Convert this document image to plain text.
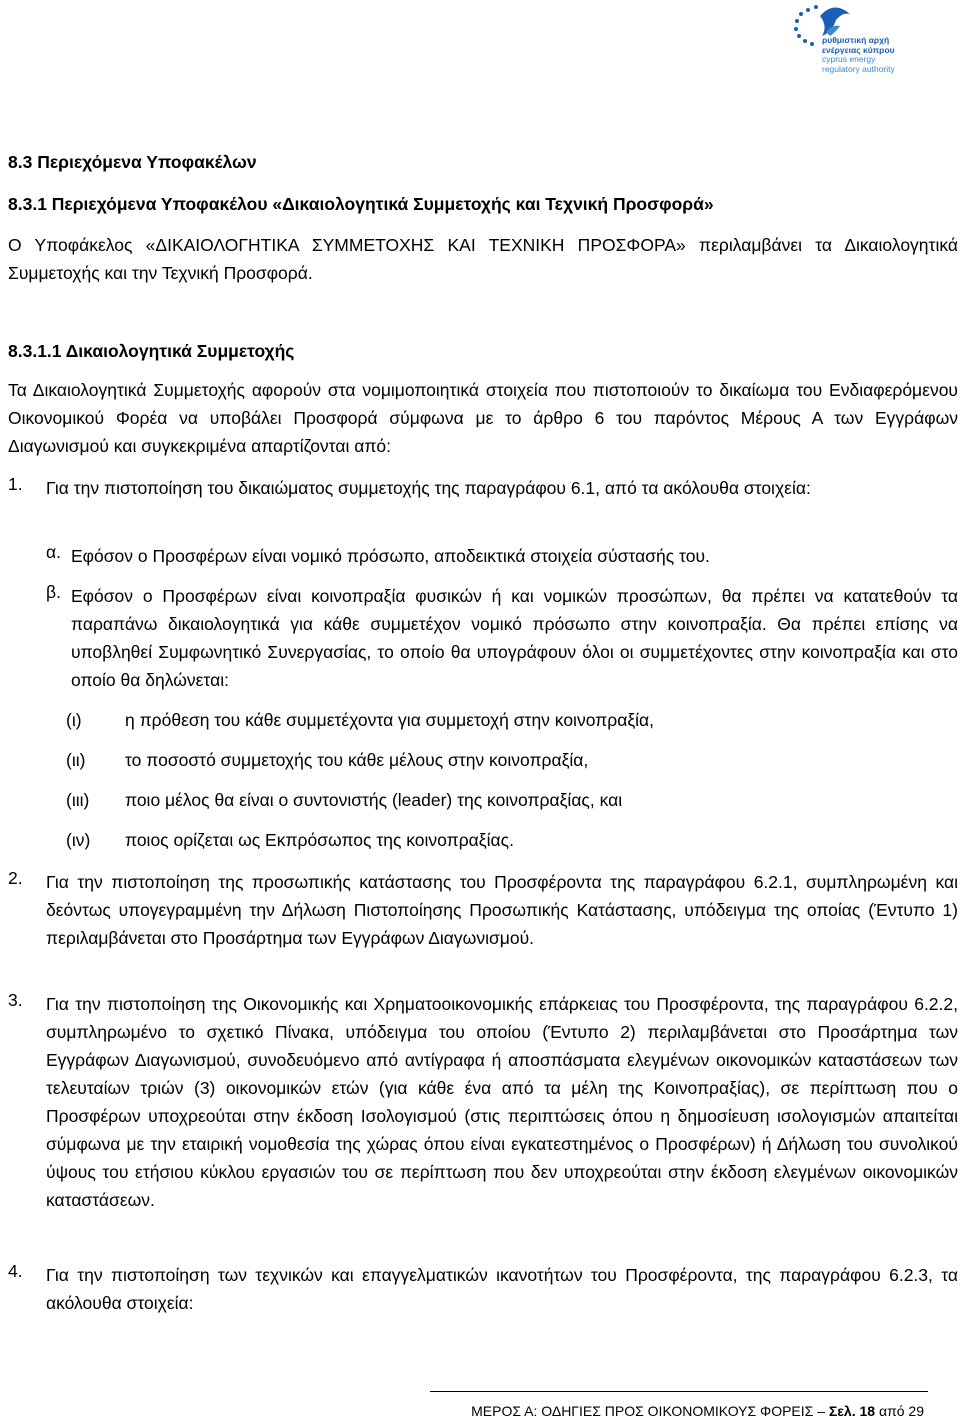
ρυθμιστική αρχή
ενέργειας κύπρου
cyprus energy
regulatory authority
8.3 Περιεχόμενα Υποφακέλων
8.3.1 Περιεχόμενα Υποφακέλου «Δικαιολογητικά Συμμετοχής και Τεχνική Προσφορά»
Ο Υποφάκελος «ΔΙΚΑΙΟΛΟΓΗΤΙΚΑ ΣΥΜΜΕΤΟΧΗΣ ΚΑΙ ΤΕΧΝΙΚΗ ΠΡΟΣΦΟΡΑ» περιλαμβάνει τα Δικαιολογητικά Συμμετοχής και την Τεχνική Προσφορά.
8.3.1.1 Δικαιολογητικά Συμμετοχής
Τα Δικαιολογητικά Συμμετοχής αφορούν στα νομιμοποιητικά στοιχεία που πιστοποιούν το δικαίωμα του Ενδιαφερόμενου Οικονομικού Φορέα να υποβάλει Προσφορά σύμφωνα με το άρθρο 6 του παρόντος Μέρους Α των Εγγράφων Διαγωνισμού και συγκεκριμένα απαρτίζονται από:
1. Για την πιστοποίηση του δικαιώματος συμμετοχής της παραγράφου 6.1, από τα ακόλουθα στοιχεία:
α. Εφόσον ο Προσφέρων είναι νομικό πρόσωπο, αποδεικτικά στοιχεία σύστασής του.
β. Εφόσον ο Προσφέρων είναι κοινοπραξία φυσικών ή και νομικών προσώπων, θα πρέπει να κατατεθούν τα παραπάνω δικαιολογητικά για κάθε συμμετέχον νομικό πρόσωπο στην κοινοπραξία. Θα πρέπει επίσης να υποβληθεί Συμφωνητικό Συνεργασίας, το οποίο θα υπογράφουν όλοι οι συμμετέχοντες στην κοινοπραξία και στο οποίο θα δηλώνεται:
(ι) η πρόθεση του κάθε συμμετέχοντα για συμμετοχή στην κοινοπραξία,
(ιι) το ποσοστό συμμετοχής του κάθε μέλους στην κοινοπραξία,
(ιιι) ποιο μέλος θα είναι ο συντονιστής (leader) της κοινοπραξίας, και
(ιν) ποιος ορίζεται ως Εκπρόσωπος της κοινοπραξίας.
2. Για την πιστοποίηση της προσωπικής κατάστασης του Προσφέροντα της παραγράφου 6.2.1, συμπληρωμένη και δεόντως υπογεγραμμένη την Δήλωση Πιστοποίησης Προσωπικής Κατάστασης, υπόδειγμα της οποίας (Έντυπο 1) περιλαμβάνεται στο Προσάρτημα των Εγγράφων Διαγωνισμού.
3. Για την πιστοποίηση της Οικονομικής και Χρηματοοικονομικής επάρκειας του Προσφέροντα, της παραγράφου 6.2.2, συμπληρωμένο το σχετικό Πίνακα, υπόδειγμα του οποίου (Έντυπο 2) περιλαμβάνεται στο Προσάρτημα των Εγγράφων Διαγωνισμού, συνοδευόμενο από αντίγραφα ή αποσπάσματα ελεγμένων οικονομικών καταστάσεων των τελευταίων τριών (3) οικονομικών ετών (για κάθε ένα από τα μέλη της Κοινοπραξίας), σε περίπτωση που ο Προσφέρων υποχρεούται στην έκδοση Ισολογισμού (στις περιπτώσεις όπου η δημοσίευση ισολογισμών απαιτείται σύμφωνα με την εταιρική νομοθεσία της χώρας όπου είναι εγκατεστημένος ο Προσφέρων) ή Δήλωση του συνολικού ύψους του ετήσιου κύκλου εργασιών του σε περίπτωση που δεν υποχρεούται στην έκδοση ελεγμένων οικονομικών καταστάσεων.
4. Για την πιστοποίηση των τεχνικών και επαγγελματικών ικανοτήτων του Προσφέροντα, της παραγράφου 6.2.3, τα ακόλουθα στοιχεία:
ΜΕΡΟΣ Α: ΟΔΗΓΙΕΣ ΠΡΟΣ ΟΙΚΟΝΟΜΙΚΟΥΣ ΦΟΡΕΙΣ – Σελ. 18 από 29
